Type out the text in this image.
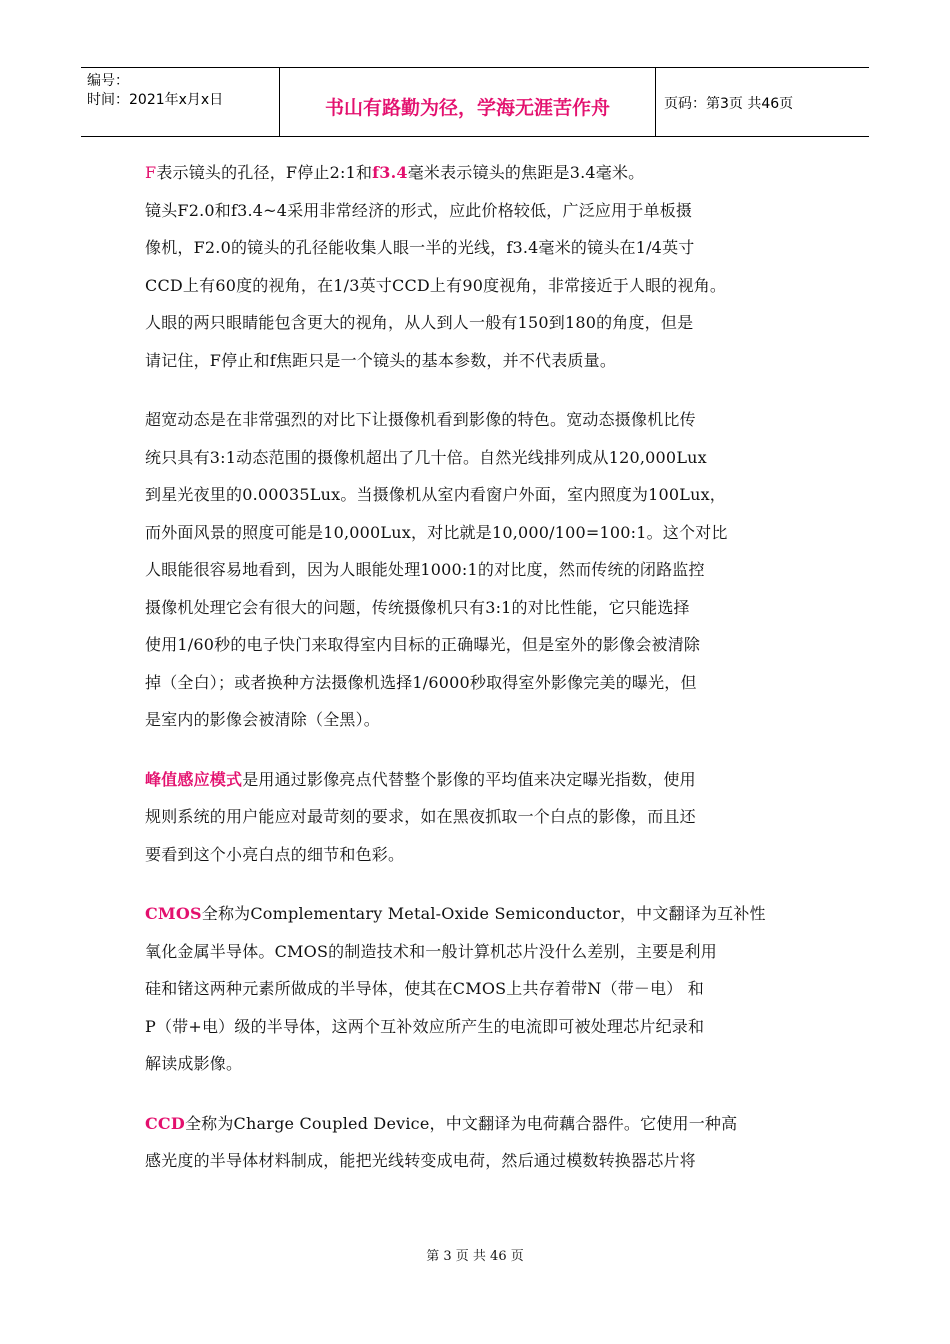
编号：
时间：2021年x月x日	书山有路勤为径，学海无涯苦作舟	页码：第3页 共46页

F表示镜头的孔径，F停止2:1和f3.4毫米表示镜头的焦距是3.4毫米。
镜头F2.0和f3.4~4采用非常经济的形式，应此价格较低，广泛应用于单板摄
像机，F2.0的镜头的孔径能收集人眼一半的光线，f3.4毫米的镜头在1/4英寸
CCD上有60度的视角，在1/3英寸CCD上有90度视角，非常接近于人眼的视角。
人眼的两只眼睛能包含更大的视角，从人到人一般有150到180的角度，但是
请记住，F停止和f焦距只是一个镜头的基本参数，并不代表质量。

超宽动态是在非常强烈的对比下让摄像机看到影像的特色。宽动态摄像机比传
统只具有3:1动态范围的摄像机超出了几十倍。自然光线排列成从120,000Lux
到星光夜里的0.00035Lux。当摄像机从室内看窗户外面，室内照度为100Lux，
而外面风景的照度可能是10,000Lux，对比就是10,000/100=100:1。这个对比
人眼能很容易地看到，因为人眼能处理1000:1的对比度，然而传统的闭路监控
摄像机处理它会有很大的问题，传统摄像机只有3:1的对比性能，它只能选择
使用1/60秒的电子快门来取得室内目标的正确曝光，但是室外的影像会被清除
掉（全白）；或者换种方法摄像机选择1/6000秒取得室外影像完美的曝光，但
是室内的影像会被清除（全黑）。

峰值感应模式是用通过影像亮点代替整个影像的平均值来决定曝光指数，使用
规则系统的用户能应对最苛刻的要求，如在黑夜抓取一个白点的影像，而且还
要看到这个小亮白点的细节和色彩。

CMOS全称为Complementary Metal-Oxide Semiconductor，中文翻译为互补性
氧化金属半导体。CMOS的制造技术和一般计算机芯片没什么差别，主要是利用
硅和锗这两种元素所做成的半导体，使其在CMOS上共存着带N（带－电） 和
P（带+电）级的半导体，这两个互补效应所产生的电流即可被处理芯片纪录和
解读成影像。

CCD全称为Charge Coupled Device，中文翻译为电荷藕合器件。它使用一种高
感光度的半导体材料制成，能把光线转变成电荷，然后通过模数转换器芯片将

第 3 页 共 46 页
